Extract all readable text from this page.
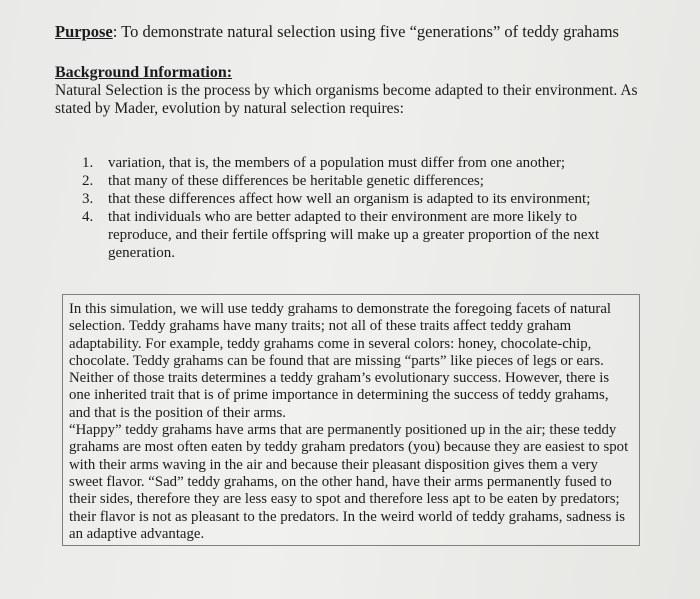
Purpose: To demonstrate natural selection using five “generations” of teddy grahams
Background Information:
Natural Selection is the process by which organisms become adapted to their environment. As stated by Mader, evolution by natural selection requires:
1. variation, that is, the members of a population must differ from one another;
2. that many of these differences be heritable genetic differences;
3. that these differences affect how well an organism is adapted to its environment;
4. that individuals who are better adapted to their environment are more likely to reproduce, and their fertile offspring will make up a greater proportion of the next generation.

In this simulation, we will use teddy grahams to demonstrate the foregoing facets of natural selection. Teddy grahams have many traits; not all of these traits affect teddy graham adaptability. For example, teddy grahams come in several colors: honey, chocolate-chip, chocolate. Teddy grahams can be found that are missing “parts” like pieces of legs or ears. Neither of those traits determines a teddy graham’s evolutionary success. However, there is one inherited trait that is of prime importance in determining the success of teddy grahams, and that is the position of their arms.

“Happy” teddy grahams have arms that are permanently positioned up in the air; these teddy grahams are most often eaten by teddy graham predators (you) because they are easiest to spot with their arms waving in the air and because their pleasant disposition gives them a very sweet flavor. “Sad” teddy grahams, on the other hand, have their arms permanently fused to their sides, therefore they are less easy to spot and therefore less apt to be eaten by predators; their flavor is not as pleasant to the predators. In the weird world of teddy grahams, sadness is an adaptive advantage.
